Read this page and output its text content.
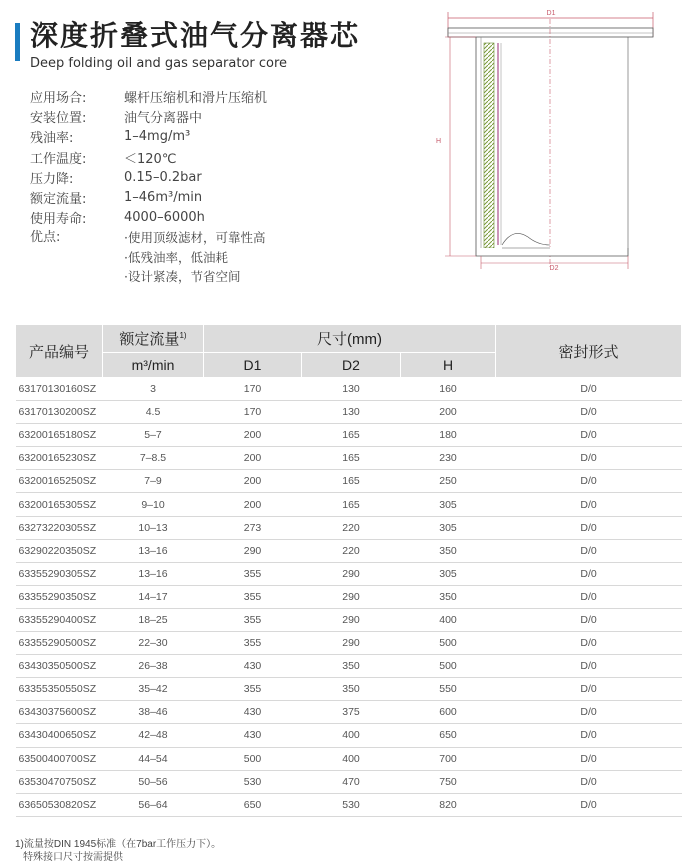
深度折叠式油气分离器芯
Deep folding oil and gas separator core
应用场合:	螺杆压缩机和滑片压缩机
安装位置:	油气分离器中
残油率:	1–4mg/m³
工作温度:	＜120℃
压力降:	0.15–0.2bar
额定流量:	1–46m³/min
使用寿命:	4000–6000h
优点:	· 使用顶级滤材，可靠性高
· 低残油率，低油耗
· 设计紧凑，节省空间
D1
H
D2
产品编号	额定流量$^{1)}$	尺寸(mm)			密封形式
	m³/min	D1	D2	H	
63170130160SZ	3	170	130	160	D/0
63170130200SZ	4.5	170	130	200	D/0
63200165180SZ	5–7	200	165	180	D/0
63200165230SZ	7–8.5	200	165	230	D/0
63200165250SZ	7–9	200	165	250	D/0
63200165305SZ	9–10	200	165	305	D/0
63273220305SZ	10–13	273	220	305	D/0
63290220350SZ	13–16	290	220	350	D/0
63355290305SZ	13–16	355	290	305	D/0
63355290350SZ	14–17	355	290	350	D/0
63355290400SZ	18–25	355	290	400	D/0
63355290500SZ	22–30	355	290	500	D/0
63430350500SZ	26–38	430	350	500	D/0
63355350550SZ	35–42	355	350	550	D/0
63430375600SZ	38–46	430	375	600	D/0
63430400650SZ	42–48	430	400	650	D/0
63500400700SZ	44–54	500	400	700	D/0
63530470750SZ	50–56	530	470	750	D/0
63650530820SZ	56–64	650	530	820	D/0
1)流量按DIN 1945标准（在7bar工作压力下）。
特殊接口尺寸按需提供
